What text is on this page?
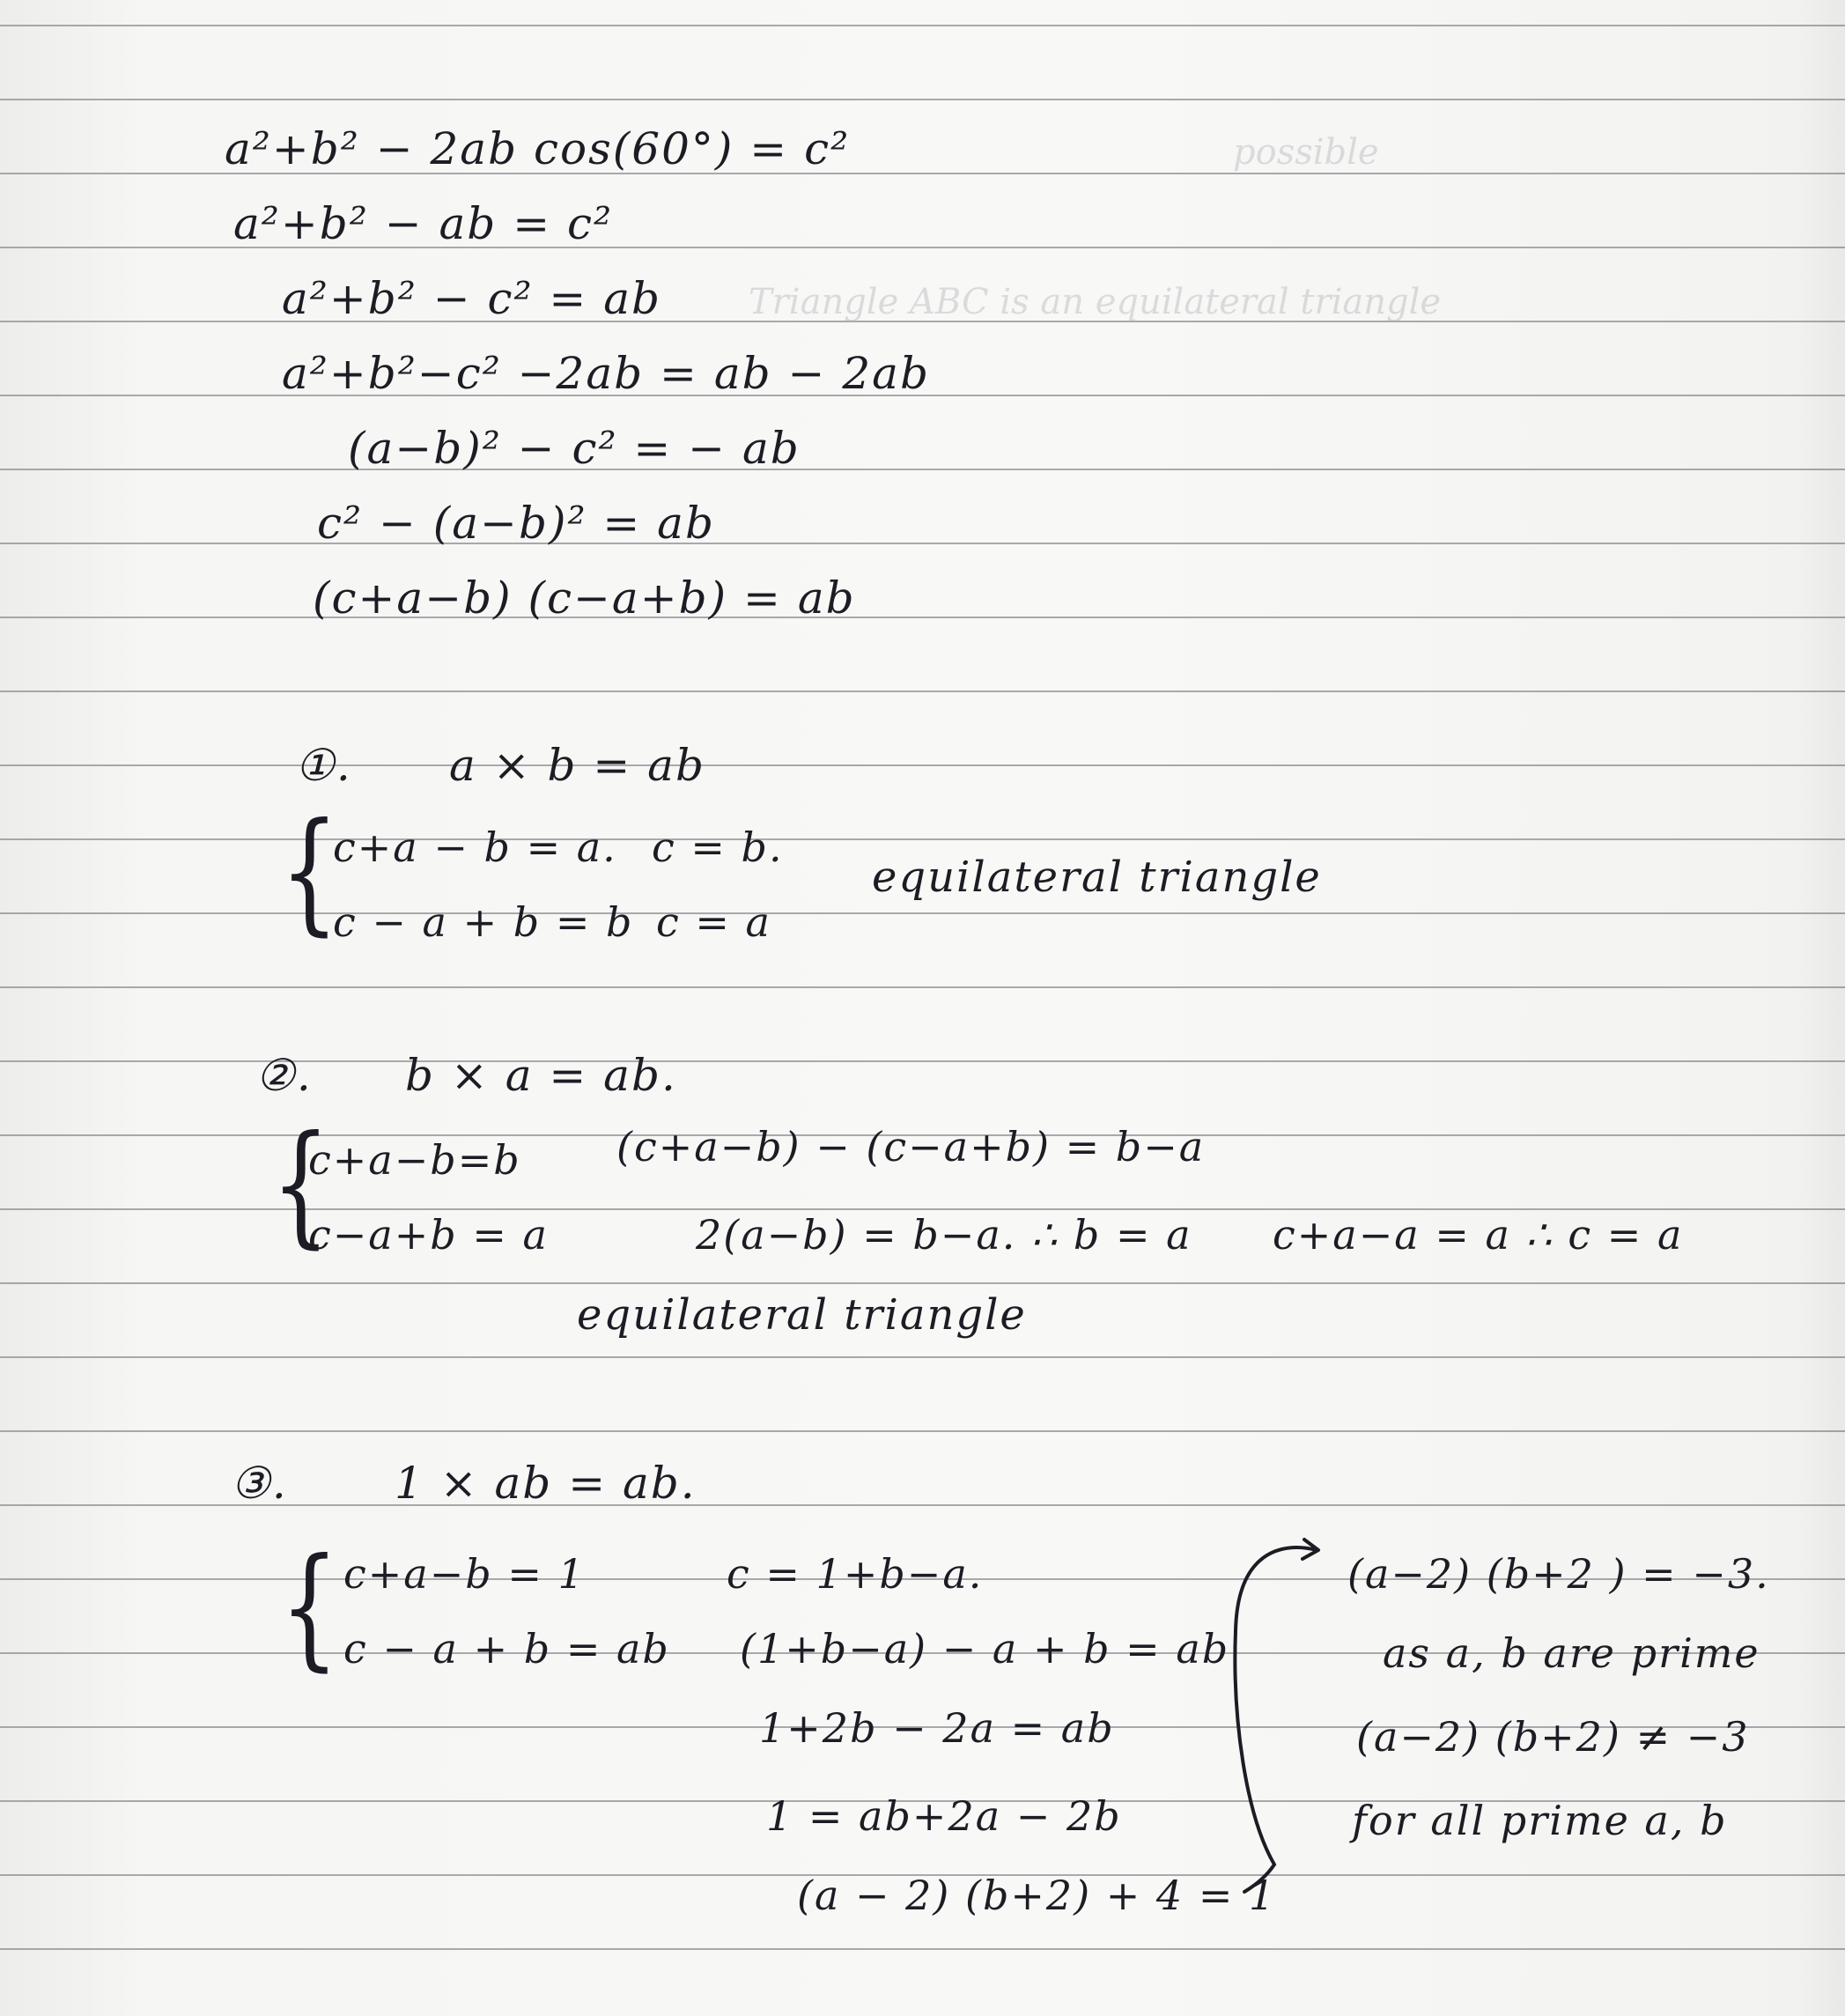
possible
Triangle ABC is an equilateral triangle
a²+b² − 2ab cos(60°) = c²
a²+b² − ab = c²
a²+b² − c² = ab
a²+b²−c² −2ab = ab − 2ab
(a−b)² − c² = − ab
c² − (a−b)² = ab
(c+a−b) (c−a+b) = ab
①. a × b = ab
{
c+a − b = a.
c − a + b = b
c = b.
c = a
equilateral triangle
②. b × a = ab.
{
c+a−b=b
c−a+b = a
(c+a−b) − (c−a+b) = b−a
2(a−b) = b−a. ∴ b = a c+a−a = a ∴ c = a
equilateral triangle
③. 1 × ab = ab.
{ c+a−b = 1
c − a + b = ab
c = 1+b−a.
(1+b−a) − a + b = ab
1+2b − 2a = ab
1 = ab+2a − 2b
(a − 2) (b+2) + 4 = 1
(a−2) (b+2 ) = −3.
as a, b are prime
(a−2) (b+2) ≠ −3
for all prime a, b
